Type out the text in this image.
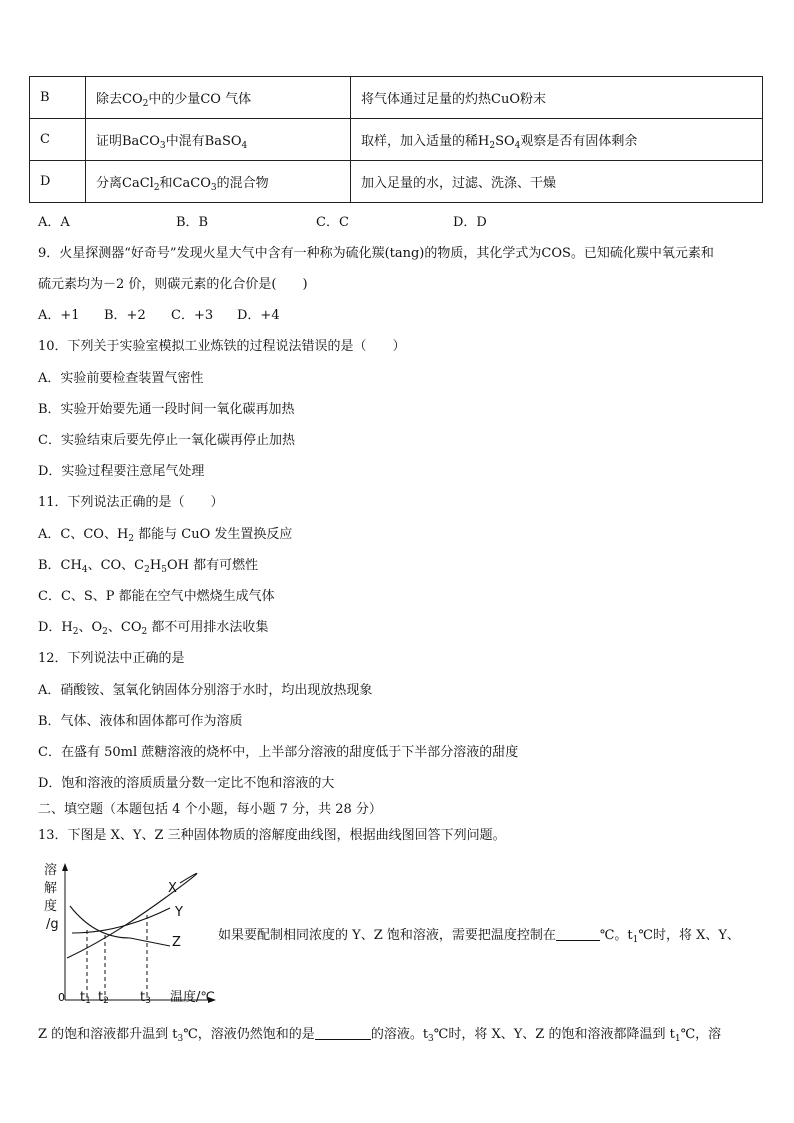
B	除去$CO_2$中的少量CO 气体	将气体通过足量的灼热CuO粉末
C	证明BaCO$_3$中混有BaSO$_4$	取样，加入适量的稀$H_2SO_4$观察是否有固体剩余
D	分离CaCl$_2$和CaCO$_3$的混合物	加入足量的水，过滤、洗涤、干燥
A．A	B．B	C．C	D．D
9．火星探测器“好奇号”发现火星大气中含有一种称为硫化羰(tang)的物质，其化学式为COS。已知硫化羰中氧元素和
硫元素均为－2 价，则碳元素的化合价是(　　)
A．+1 B．+2 C．+3 D．+4
10．下列关于实验室模拟工业炼铁的过程说法错误的是（　　）
A．实验前要检查装置气密性
B．实验开始要先通一段时间一氧化碳再加热
C．实验结束后要先停止一氧化碳再停止加热
D．实验过程要注意尾气处理
11．下列说法正确的是（　　）
A．C、CO、$H_2$ 都能与 CuO 发生置换反应
B．$CH_4$、CO、$C_2H_5OH$ 都有可燃性
C．C、S、P 都能在空气中燃烧生成气体
D．$H_2$、$O_2$、$CO_2$ 都不可用排水法收集
12．下列说法中正确的是
A．硝酸铵、氢氧化钠固体分别溶于水时，均出现放热现象
B．气体、液体和固体都可作为溶质
C．在盛有 50ml 蔗糖溶液的烧杯中，上半部分溶液的甜度低于下半部分溶液的甜度
D．饱和溶液的溶质质量分数一定比不饱和溶液的大
二、填空题（本题包括 4 个小题，每小题 7 分，共 28 分）
13．下图是 X、Y、Z 三种固体物质的溶解度曲线图，根据曲线图回答下列问题。
溶
解
度
/g
X
Y
Z
0	温度/℃
t1 t2 t3
如果要配制相同浓度的 Y、Z 饱和溶液，需要把温度控制在	℃。$t_1℃$时，将 X、Y、
Z 的饱和溶液都升温到 $t_3℃$，溶液仍然饱和的是	的溶液。$t_3℃$时，将 X、Y、Z 的饱和溶液都降温到 $t_1℃$，溶
